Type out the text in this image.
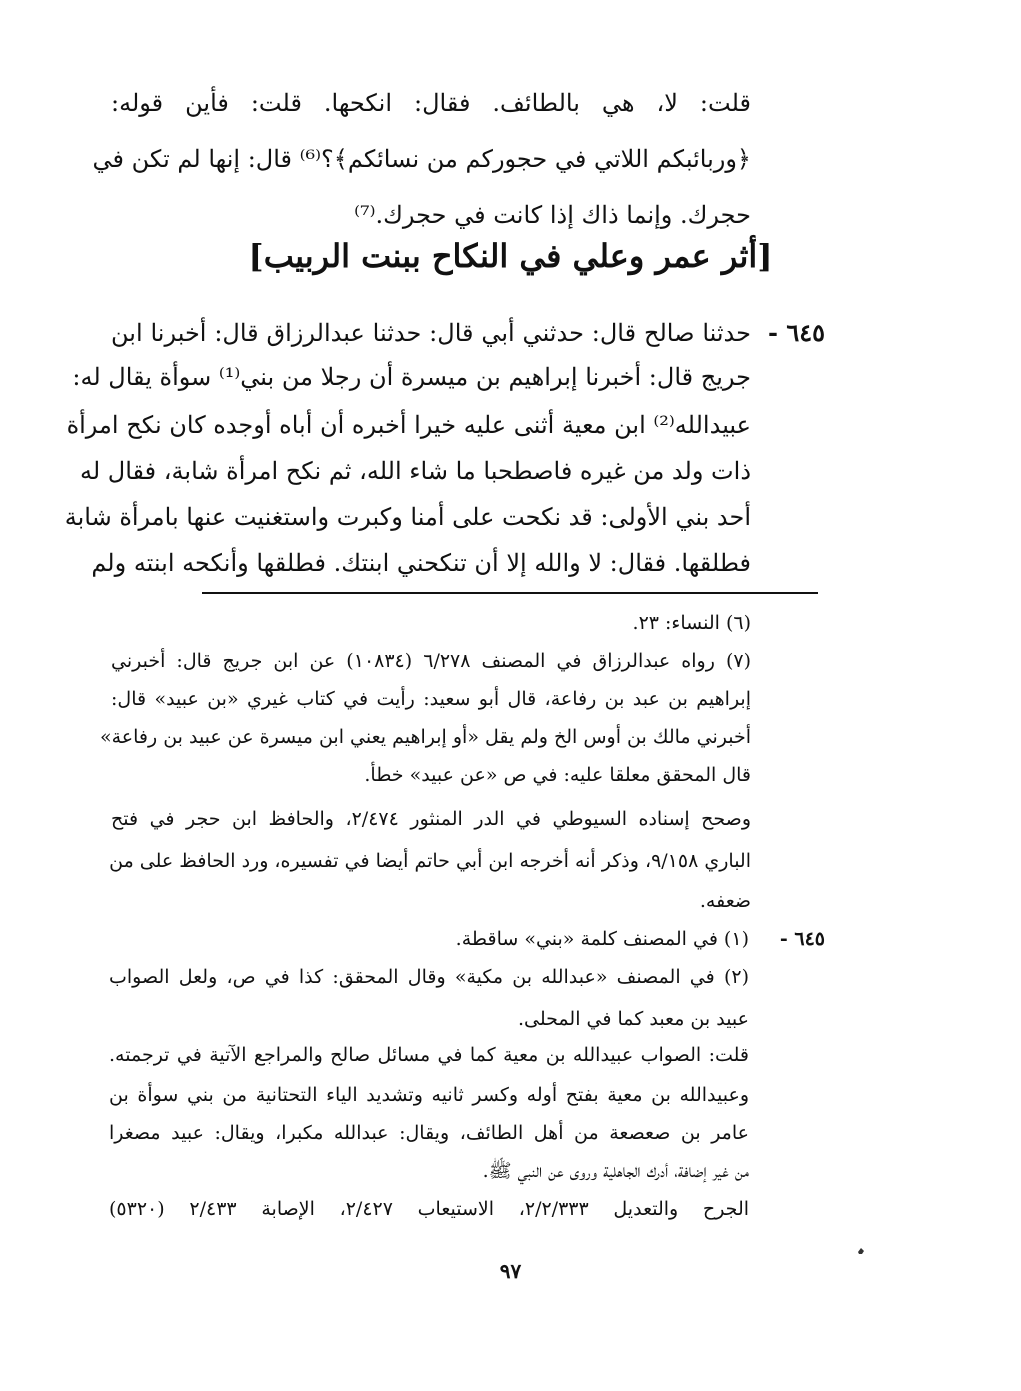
قلت: لا، هي بالطائف. فقال: انكحها. قلت: فأين قوله:
﴿وربائبكم اللاتي في حجوركم من نسائكم﴾؟⁽⁶⁾ قال: إنها لم تكن في
حجرك. وإنما ذاك إذا كانت في حجرك.⁽⁷⁾
[أثر عمر وعلي في النكاح ببنت الربيب]
٦٤٥ -
حدثنا صالح قال: حدثني أبي قال: حدثنا عبدالرزاق قال: أخبرنا ابن
جريج قال: أخبرنا إبراهيم بن ميسرة أن رجلا من بني⁽¹⁾ سوأة يقال له:
عبيدالله⁽²⁾ ابن معية أثنى عليه خيرا أخبره أن أباه أوجده كان نكح امرأة
ذات ولد من غيره فاصطحبا ما شاء الله، ثم نكح امرأة شابة، فقال له
أحد بني الأولى: قد نكحت على أمنا وكبرت واستغنيت عنها بامرأة شابة
فطلقها. فقال: لا والله إلا أن تنكحني ابنتك. فطلقها وأنكحه ابنته ولم
(٦) النساء: ٢٣.
(٧) رواه عبدالرزاق في المصنف ٦/٢٧٨ (١٠٨٣٤) عن ابن جريج قال: أخبرني
إبراهيم بن عبد بن رفاعة، قال أبو سعيد: رأيت في كتاب غيري «بن عبيد» قال:
أخبرني مالك بن أوس الخ ولم يقل «أو إبراهيم يعني ابن ميسرة عن عبيد بن رفاعة»
قال المحقق معلقا عليه: في ص «عن عبيد» خطأ.
وصحح إسناده السيوطي في الدر المنثور ٢/٤٧٤، والحافظ ابن حجر في فتح
الباري ٩/١٥٨، وذكر أنه أخرجه ابن أبي حاتم أيضا في تفسيره، ورد الحافظ على من
ضعفه.
٦٤٥ -
(١) في المصنف كلمة «بني» ساقطة.
(٢) في المصنف «عبدالله بن مكية» وقال المحقق: كذا في ص، ولعل الصواب
عبيد بن معبد كما في المحلى.
قلت: الصواب عبيدالله بن معية كما في مسائل صالح والمراجع الآتية في ترجمته.
وعبيدالله بن معية بفتح أوله وكسر ثانيه وتشديد الياء التحتانية من بني سوأة بن
عامر بن صعصعة من أهل الطائف، ويقال: عبدالله مكبرا، ويقال: عبيد مصغرا
من غير إضافة، أدرك الجاهلية وروى عن النبي ﷺ.
الجرح والتعديل ٢/٢/٣٣٣، الاستيعاب ٢/٤٢٧، الإصابة ٢/٤٣٣ (٥٣٢٠)
٩٧
